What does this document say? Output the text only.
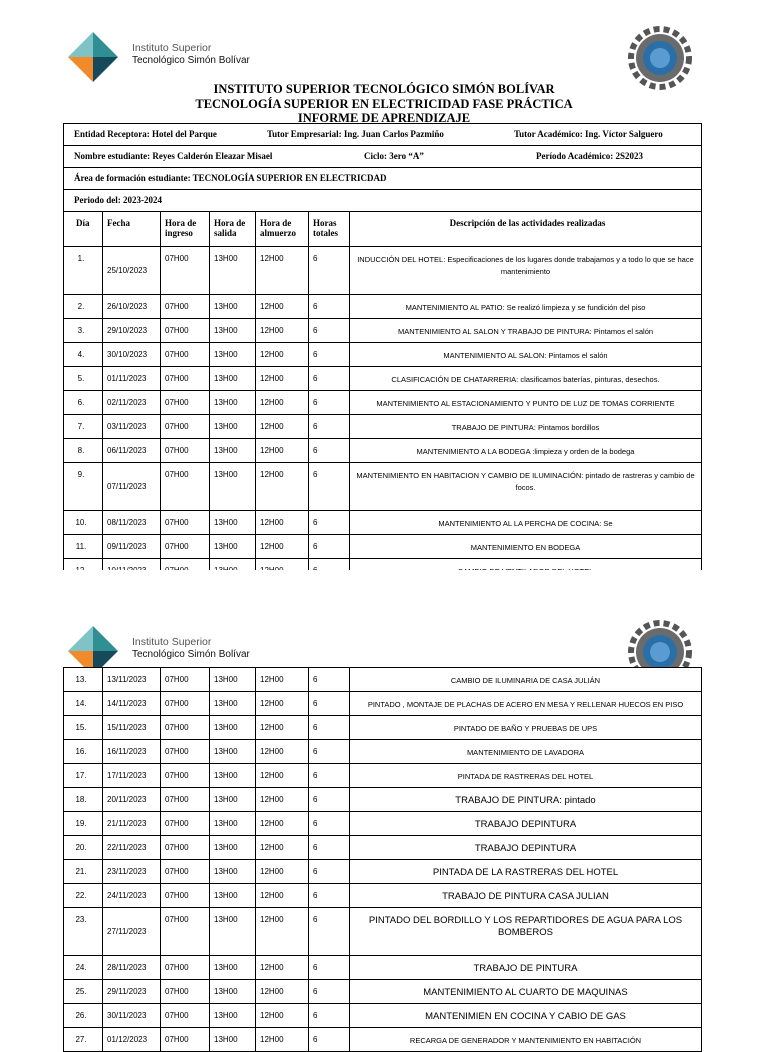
Instituto Superior
Tecnológico Simón Bolívar
INSTITUTO SUPERIOR TECNOLÓGICO SIMÓN BOLÍVAR
TECNOLOGÍA SUPERIOR EN ELECTRICIDAD FASE PRÁCTICA
INFORME DE APRENDIZAJE
Entidad Receptora: Hotel del Parque	Tutor Empresarial: Ing. Juan Carlos Pazmiño	Tutor Académico: Ing. Víctor Salguero

Nombre estudiante: Reyes Calderón Eleazar Misael	Ciclo: 3ero “A”	Período Académico: 2S2023

Área de formación estudiante: TECNOLOGÍA SUPERIOR EN ELECTRICDAD

Periodo del: 2023-2024
Día	Fecha	Hora de ingreso	Hora de salida	Hora de almuerzo	Horas totales	Descripción de las actividades realizadas
1.	25/10/2023	07H00	13H00	12H00	6	INDUCCIÓN DEL HOTEL: Especificaciones de los lugares donde trabajamos y a todo lo que se hace mantenimiento
2.	26/10/2023	07H00	13H00	12H00	6	MANTENIMIENTO AL PATIO: Se realizó limpieza y se fundición del piso
3.	29/10/2023	07H00	13H00	12H00	6	MANTENIMIENTO AL SALON Y TRABAJO DE PINTURA: Pintamos el salón
4.	30/10/2023	07H00	13H00	12H00	6	MANTENIMIENTO AL SALON: Pintamos el salón
5.	01/11/2023	07H00	13H00	12H00	6	CLASIFICACIÓN DE CHATARRERIA: clasificamos baterías, pinturas, desechos.
6.	02/11/2023	07H00	13H00	12H00	6	MANTENIMIENTO AL ESTACIONAMIENTO Y PUNTO DE LUZ DE TOMAS CORRIENTE
7.	03/11/2023	07H00	13H00	12H00	6	TRABAJO DE PINTURA: Pintamos bordillos
8.	06/11/2023	07H00	13H00	12H00	6	MANTENIMIENTO A LA BODEGA :limpieza y orden de la bodega
9.	07/11/2023	07H00	13H00	12H00	6	MANTENIMIENTO EN HABITACION Y CAMBIO DE ILUMINACIÓN: pintado de rastreras y cambio de focos.
10.	08/11/2023	07H00	13H00	12H00	6	MANTENIMIENTO AL LA PERCHA DE COCINA: Se
11.	09/11/2023	07H00	13H00	12H00	6	MANTENIMIENTO EN BODEGA

Instituto Superior
Tecnológico Simón Bolívar
13.	13/11/2023	07H00	13H00	12H00	6	CAMBIO DE ILUMINARIA DE CASA JULIÁN
14.	14/11/2023	07H00	13H00	12H00	6	PINTADO , MONTAJE DE PLACHAS DE ACERO EN MESA Y RELLENAR HUECOS EN PISO
15.	15/11/2023	07H00	13H00	12H00	6	PINTADO DE BAÑO Y PRUEBAS DE UPS
16.	16/11/2023	07H00	13H00	12H00	6	MANTENIMIENTO DE LAVADORA
17.	17/11/2023	07H00	13H00	12H00	6	PINTADA DE RASTRERAS DEL HOTEL
18.	20/11/2023	07H00	13H00	12H00	6	TRABAJO DE PINTURA: pintado
19.	21/11/2023	07H00	13H00	12H00	6	TRABAJO DEPINTURA
20.	22/11/2023	07H00	13H00	12H00	6	TRABAJO DEPINTURA
21.	23/11/2023	07H00	13H00	12H00	6	PINTADA DE LA RASTRERAS DEL HOTEL
22.	24/11/2023	07H00	13H00	12H00	6	TRABAJO DE PINTURA CASA JULIAN
23.	27/11/2023	07H00	13H00	12H00	6	PINTADO DEL BORDILLO Y LOS REPARTIDORES DE AGUA PARA LOS BOMBEROS
24.	28/11/2023	07H00	13H00	12H00	6	TRABAJO DE PINTURA
25.	29/11/2023	07H00	13H00	12H00	6	MANTENIMIENTO AL CUARTO DE MAQUINAS
26.	30/11/2023	07H00	13H00	12H00	6	MANTENIMIEN EN COCINA Y CABIO DE GAS
27.	01/12/2023	07H00	13H00	12H00	6	RECARGA DE GENERADOR Y MANTENIMIENTO EN HABITACIÓN
